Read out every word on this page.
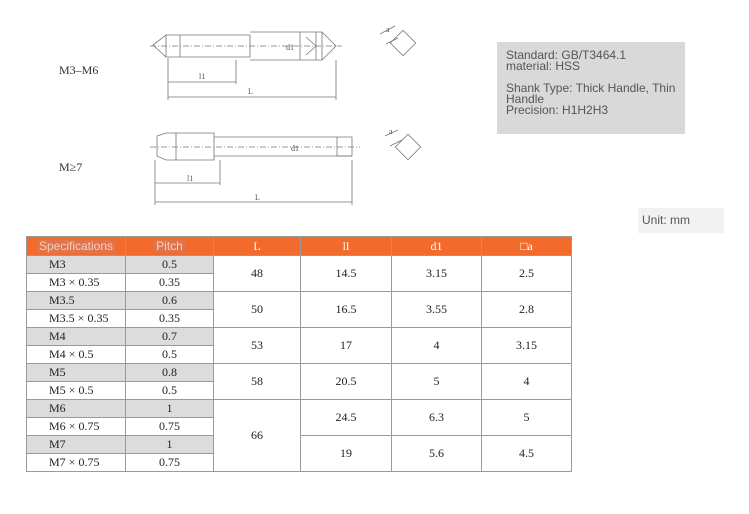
l1
L
d1
a
l1
L
d1
a
M3–M6
M≥7
Standard: GB/T3464.1
material: HSS
Shank Type: Thick Handle, Thin Handle
Precision: H1H2H3
Unit: mm
Specifications	Pitch	L	ll	d1	□a
M3	0.5	48	14.5	3.15	2.5
M3 × 0.35	0.35				
M3.5	0.6	50	16.5	3.55	2.8
M3.5 × 0.35	0.35				
M4	0.7	53	17	4	3.15
M4 × 0.5	0.5				
M5	0.8	58	20.5	5	4
M5 × 0.5	0.5				
M6	1	66	24.5	6.3	5
M6 × 0.75	0.75				
M7	1		19	5.6	4.5
M7 × 0.75	0.75				
